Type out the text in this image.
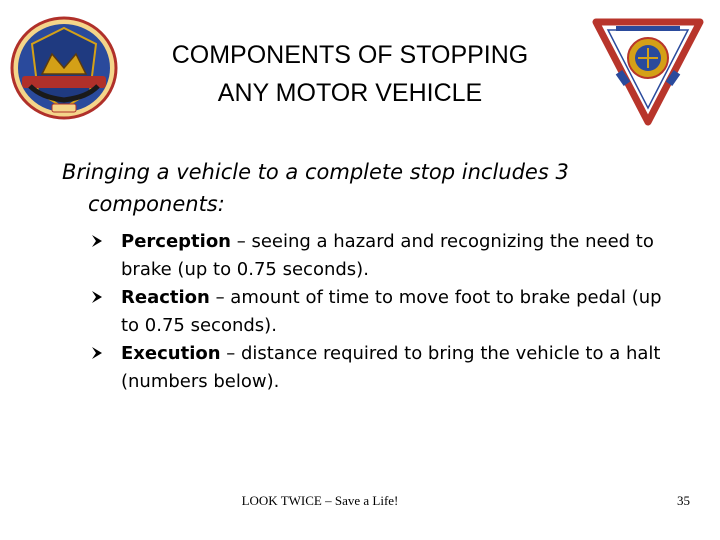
COMPONENTS OF STOPPING
ANY MOTOR VEHICLE
Bringing a vehicle to a complete stop includes 3 components:
Perception – seeing a hazard and recognizing the need to brake (up to 0.75 seconds).
Reaction – amount of time to move foot to brake pedal (up to 0.75 seconds).
Execution – distance required to bring the vehicle to a halt (numbers below).
LOOK TWICE – Save a Life!	35
